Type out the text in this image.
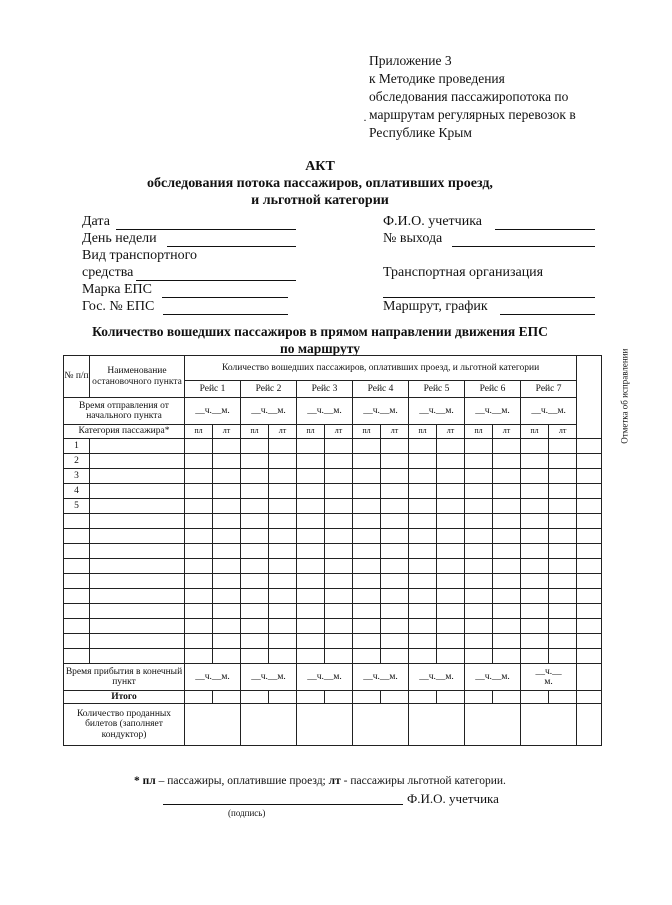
Приложение 3
к Методике проведения
обследования пассажиропотока по
маршрутам регулярных перевозок в
Республике Крым
·
АКТ
обследования потока пассажиров, оплативших проезд,
и льготной категории
Дата
День недели
Вид транспортного
средства
Марка ЕПС
Гос. № ЕПС
Ф.И.О. учетчика
№ выхода
Транспортная организация
Маршрут, график
Количество вошедших пассажиров в прямом направлении движения ЕПС
по маршруту
№ п/п	Наименование остановочного пункта	Количество вошедших пассажиров, оплативших проезд, и льготной категории														Отметка об исправлении
		Рейс 1		Рейс 2		Рейс 3		Рейс 4		Рейс 5		Рейс 6		Рейс 7		
Время отправления от начального пункта		__ч.__м.		__ч.__м.		__ч.__м.		__ч.__м.		__ч.__м.		__ч.__м.		__ч.__м.		
Категория пассажира*		пл	лт	пл	лт	пл	лт	пл	лт	пл	лт	пл	лт	пл	лт	
1																
2																
3																
4																
5																

Время прибытия в конечный пункт		__ч.__м.		__ч.__м.		__ч.__м.		__ч.__м.		__ч.__м.		__ч.__м.		__ч.__
м.		
Итого																
Количество проданных билетов (заполняет кондуктор)																
* пл – пассажиры, оплатившие проезд; лт - пассажиры льготной категории.
Ф.И.О. учетчика
(подпись)
